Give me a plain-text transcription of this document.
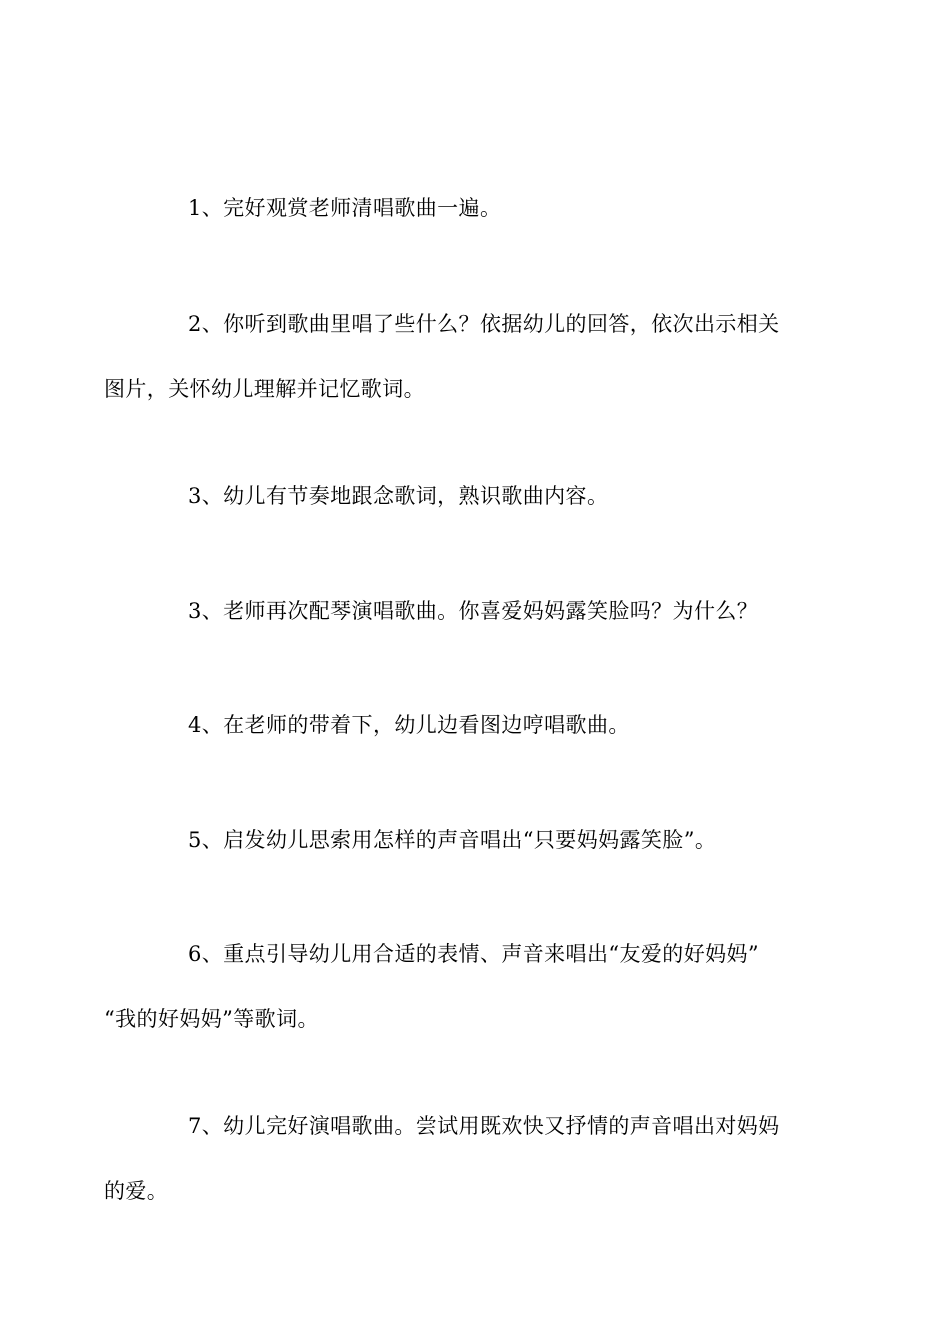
1、完好观赏老师清唱歌曲一遍。

2、你听到歌曲里唱了些什么？依据幼儿的回答，依次出示相关
图片，关怀幼儿理解并记忆歌词。

3、幼儿有节奏地跟念歌词，熟识歌曲内容。

3、老师再次配琴演唱歌曲。你喜爱妈妈露笑脸吗？为什么？

4、在老师的带着下，幼儿边看图边哼唱歌曲。

5、启发幼儿思索用怎样的声音唱出“只要妈妈露笑脸”。

6、重点引导幼儿用合适的表情、声音来唱出“友爱的好妈妈”
“我的好妈妈”等歌词。

7、幼儿完好演唱歌曲。尝试用既欢快又抒情的声音唱出对妈妈
的爱。
